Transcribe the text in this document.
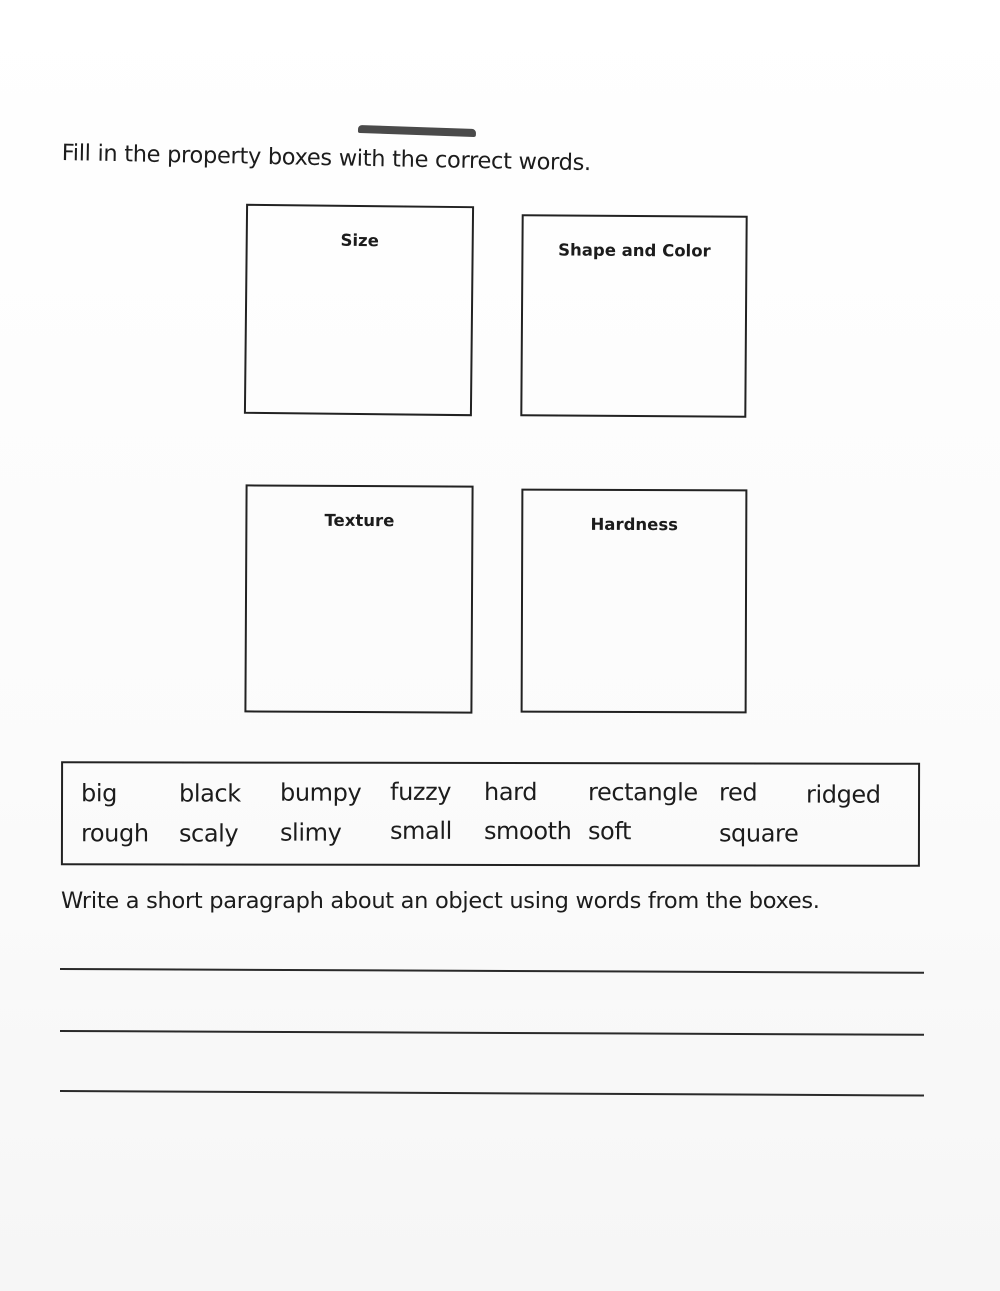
Fill in the property boxes with the correct words.
Size	Shape and Color
Texture	Hardness
big	black bumpy fuzzy hard rectangle red ridged
rough scaly slimy small smooth soft	square
Write a short paragraph about an object using words from the boxes.
